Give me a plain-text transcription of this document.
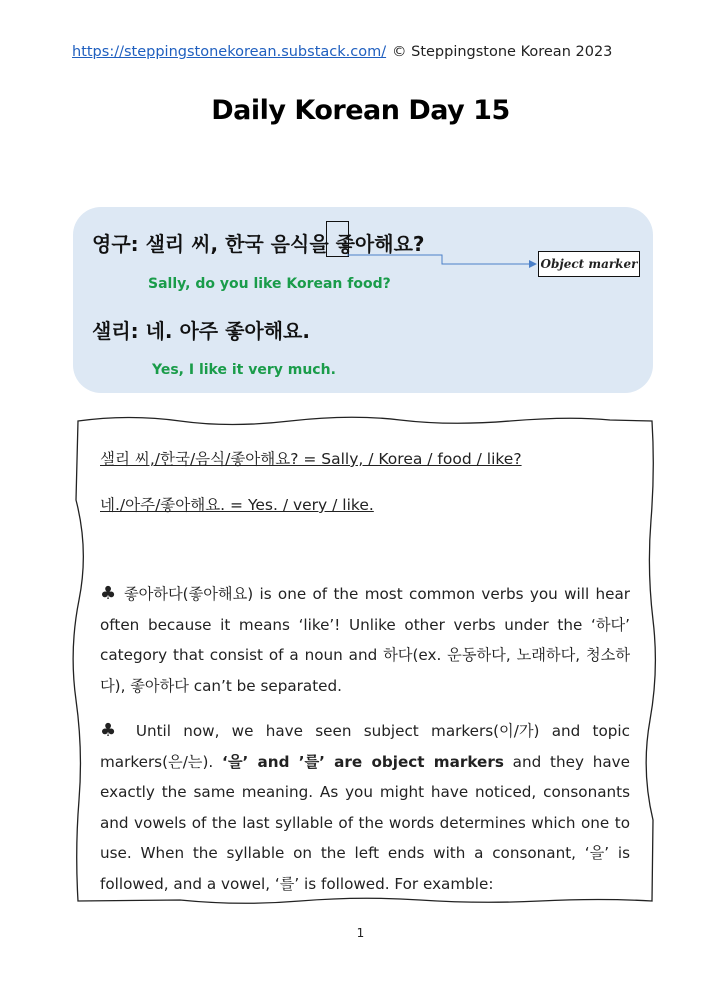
https://steppingstonekorean.substack.com/ © Steppingstone Korean 2023
Daily Korean Day 15
영구: 샐리 씨, 한국 음식을 좋아해요?
Object marker
Sally, do you like Korean food?
샐리: 네. 아주 좋아해요.
Yes, I like it very much.
샐리 씨,/한국/음식/좋아해요? = Sally, / Korea / food / like?
네./아주/좋아해요. = Yes. / very / like.
♣ 좋아하다(좋아해요) is one of the most common verbs you will hear often because it means ‘like’! Unlike other verbs under the ‘하다’ category that consist of a noun and 하다(ex. 운동하다, 노래하다, 청소하다), 좋아하다 can’t be separated.
♣ Until now, we have seen subject markers(이/가) and topic markers(은/는). ‘을’ and ’를’ are object markers and they have exactly the same meaning. As you might have noticed, consonants and vowels of the last syllable of the words determines which one to use. When the syllable on the left ends with a consonant, ‘을’ is followed, and a vowel, ‘를’ is followed. For examble:
1
